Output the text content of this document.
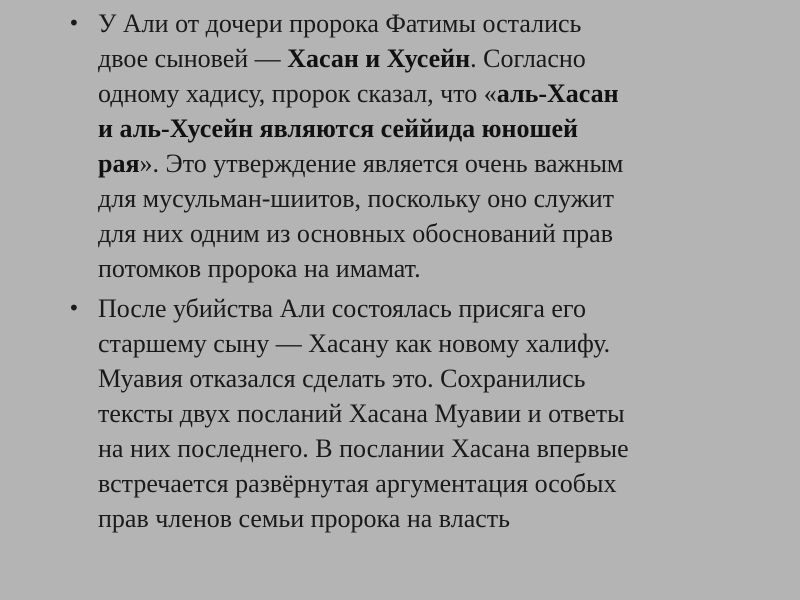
• У Али от дочери пророка Фатимы остались
двое сыновей — Хасан и Хусейн. Согласно
одному хадису, пророк сказал, что «аль-Хасан
и аль-Хусейн являются сеййида юношей
рая». Это утверждение является очень важным
для мусульман-шиитов, поскольку оно служит
для них одним из основных обоснований прав
потомков пророка на имамат.
• После убийства Али состоялась присяга его
старшему сыну — Хасану как новому халифу.
Муавия отказался сделать это. Сохранились
тексты двух посланий Хасана Муавии и ответы
на них последнего. В послании Хасана впервые
встречается развёрнутая аргументация особых
прав членов семьи пророка на власть
